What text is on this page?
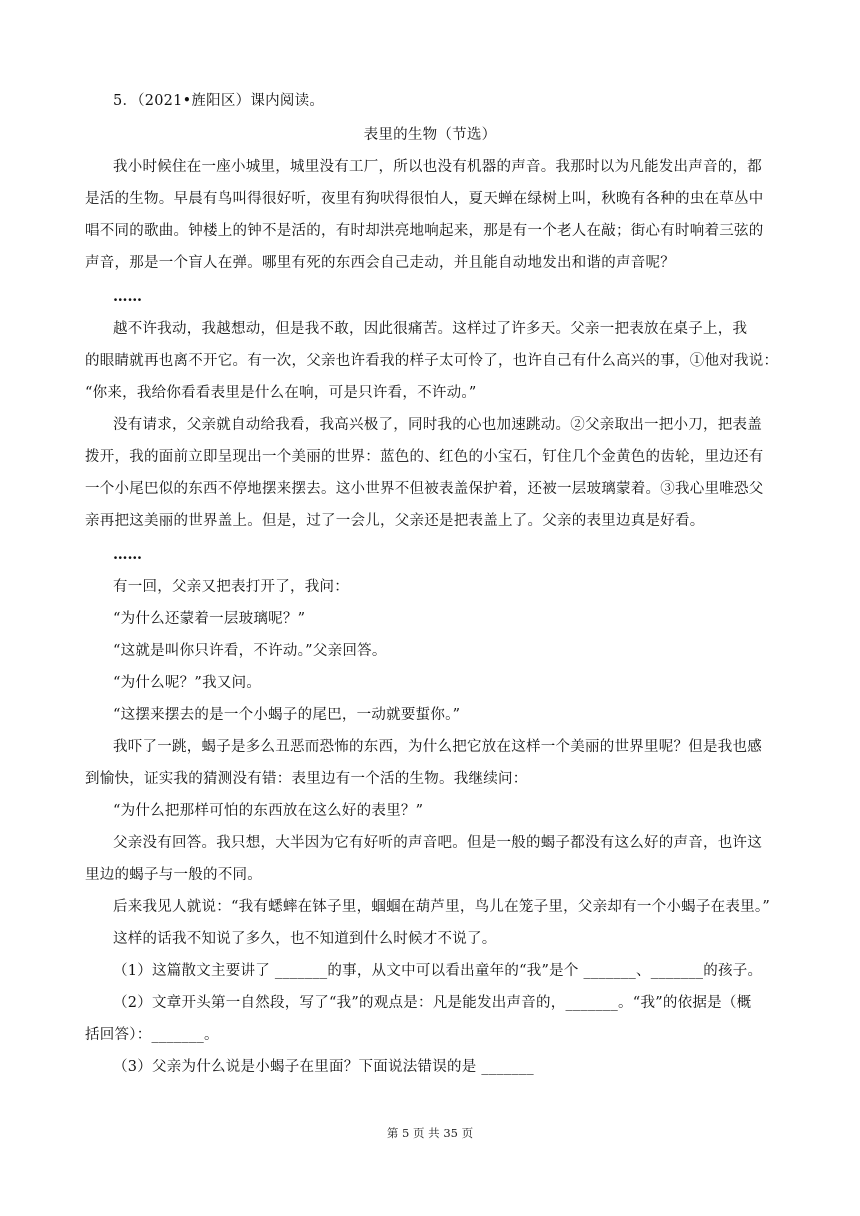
5．（2021•旌阳区）课内阅读。
表里的生物（节选）
我小时候住在一座小城里，城里没有工厂，所以也没有机器的声音。我那时以为凡能发出声音的，都
是活的生物。早晨有鸟叫得很好听，夜里有狗吠得很怕人，夏天蝉在绿树上叫，秋晚有各种的虫在草丛中
唱不同的歌曲。钟楼上的钟不是活的，有时却洪亮地响起来，那是有一个老人在敲；街心有时响着三弦的
声音，那是一个盲人在弹。哪里有死的东西会自己走动，并且能自动地发出和谐的声音呢？
……
越不许我动，我越想动，但是我不敢，因此很痛苦。这样过了许多天。父亲一把表放在桌子上，我
的眼睛就再也离不开它。有一次，父亲也许看我的样子太可怜了，也许自己有什么高兴的事，①他对我说：
“你来，我给你看看表里是什么在响，可是只许看，不许动。”
没有请求，父亲就自动给我看，我高兴极了，同时我的心也加速跳动。②父亲取出一把小刀，把表盖
拨开，我的面前立即呈现出一个美丽的世界：蓝色的、红色的小宝石，钉住几个金黄色的齿轮，里边还有
一个小尾巴似的东西不停地摆来摆去。这小世界不但被表盖保护着，还被一层玻璃蒙着。③我心里唯恐父
亲再把这美丽的世界盖上。但是，过了一会儿，父亲还是把表盖上了。父亲的表里边真是好看。
……
有一回，父亲又把表打开了，我问：
“为什么还蒙着一层玻璃呢？”
“这就是叫你只许看，不许动。”父亲回答。
“为什么呢？”我又问。
“这摆来摆去的是一个小蝎子的尾巴，一动就要蜇你。”
我吓了一跳，蝎子是多么丑恶而恐怖的东西，为什么把它放在这样一个美丽的世界里呢？但是我也感
到愉快，证实我的猜测没有错：表里边有一个活的生物。我继续问：
“为什么把那样可怕的东西放在这么好的表里？”
父亲没有回答。我只想，大半因为它有好听的声音吧。但是一般的蝎子都没有这么好的声音，也许这
里边的蝎子与一般的不同。
后来我见人就说：“我有蟋蟀在钵子里，蝈蝈在葫芦里，鸟儿在笼子里，父亲却有一个小蝎子在表里。”
这样的话我不知说了多久，也不知道到什么时候才不说了。
（1）这篇散文主要讲了 _______的事，从文中可以看出童年的“我”是个 _______、_______的孩子。
（2）文章开头第一自然段，写了“我”的观点是：凡是能发出声音的，_______。“我”的依据是（概
括回答）：_______。
（3）父亲为什么说是小蝎子在里面？下面说法错误的是 _______
第 5 页 共 35 页
